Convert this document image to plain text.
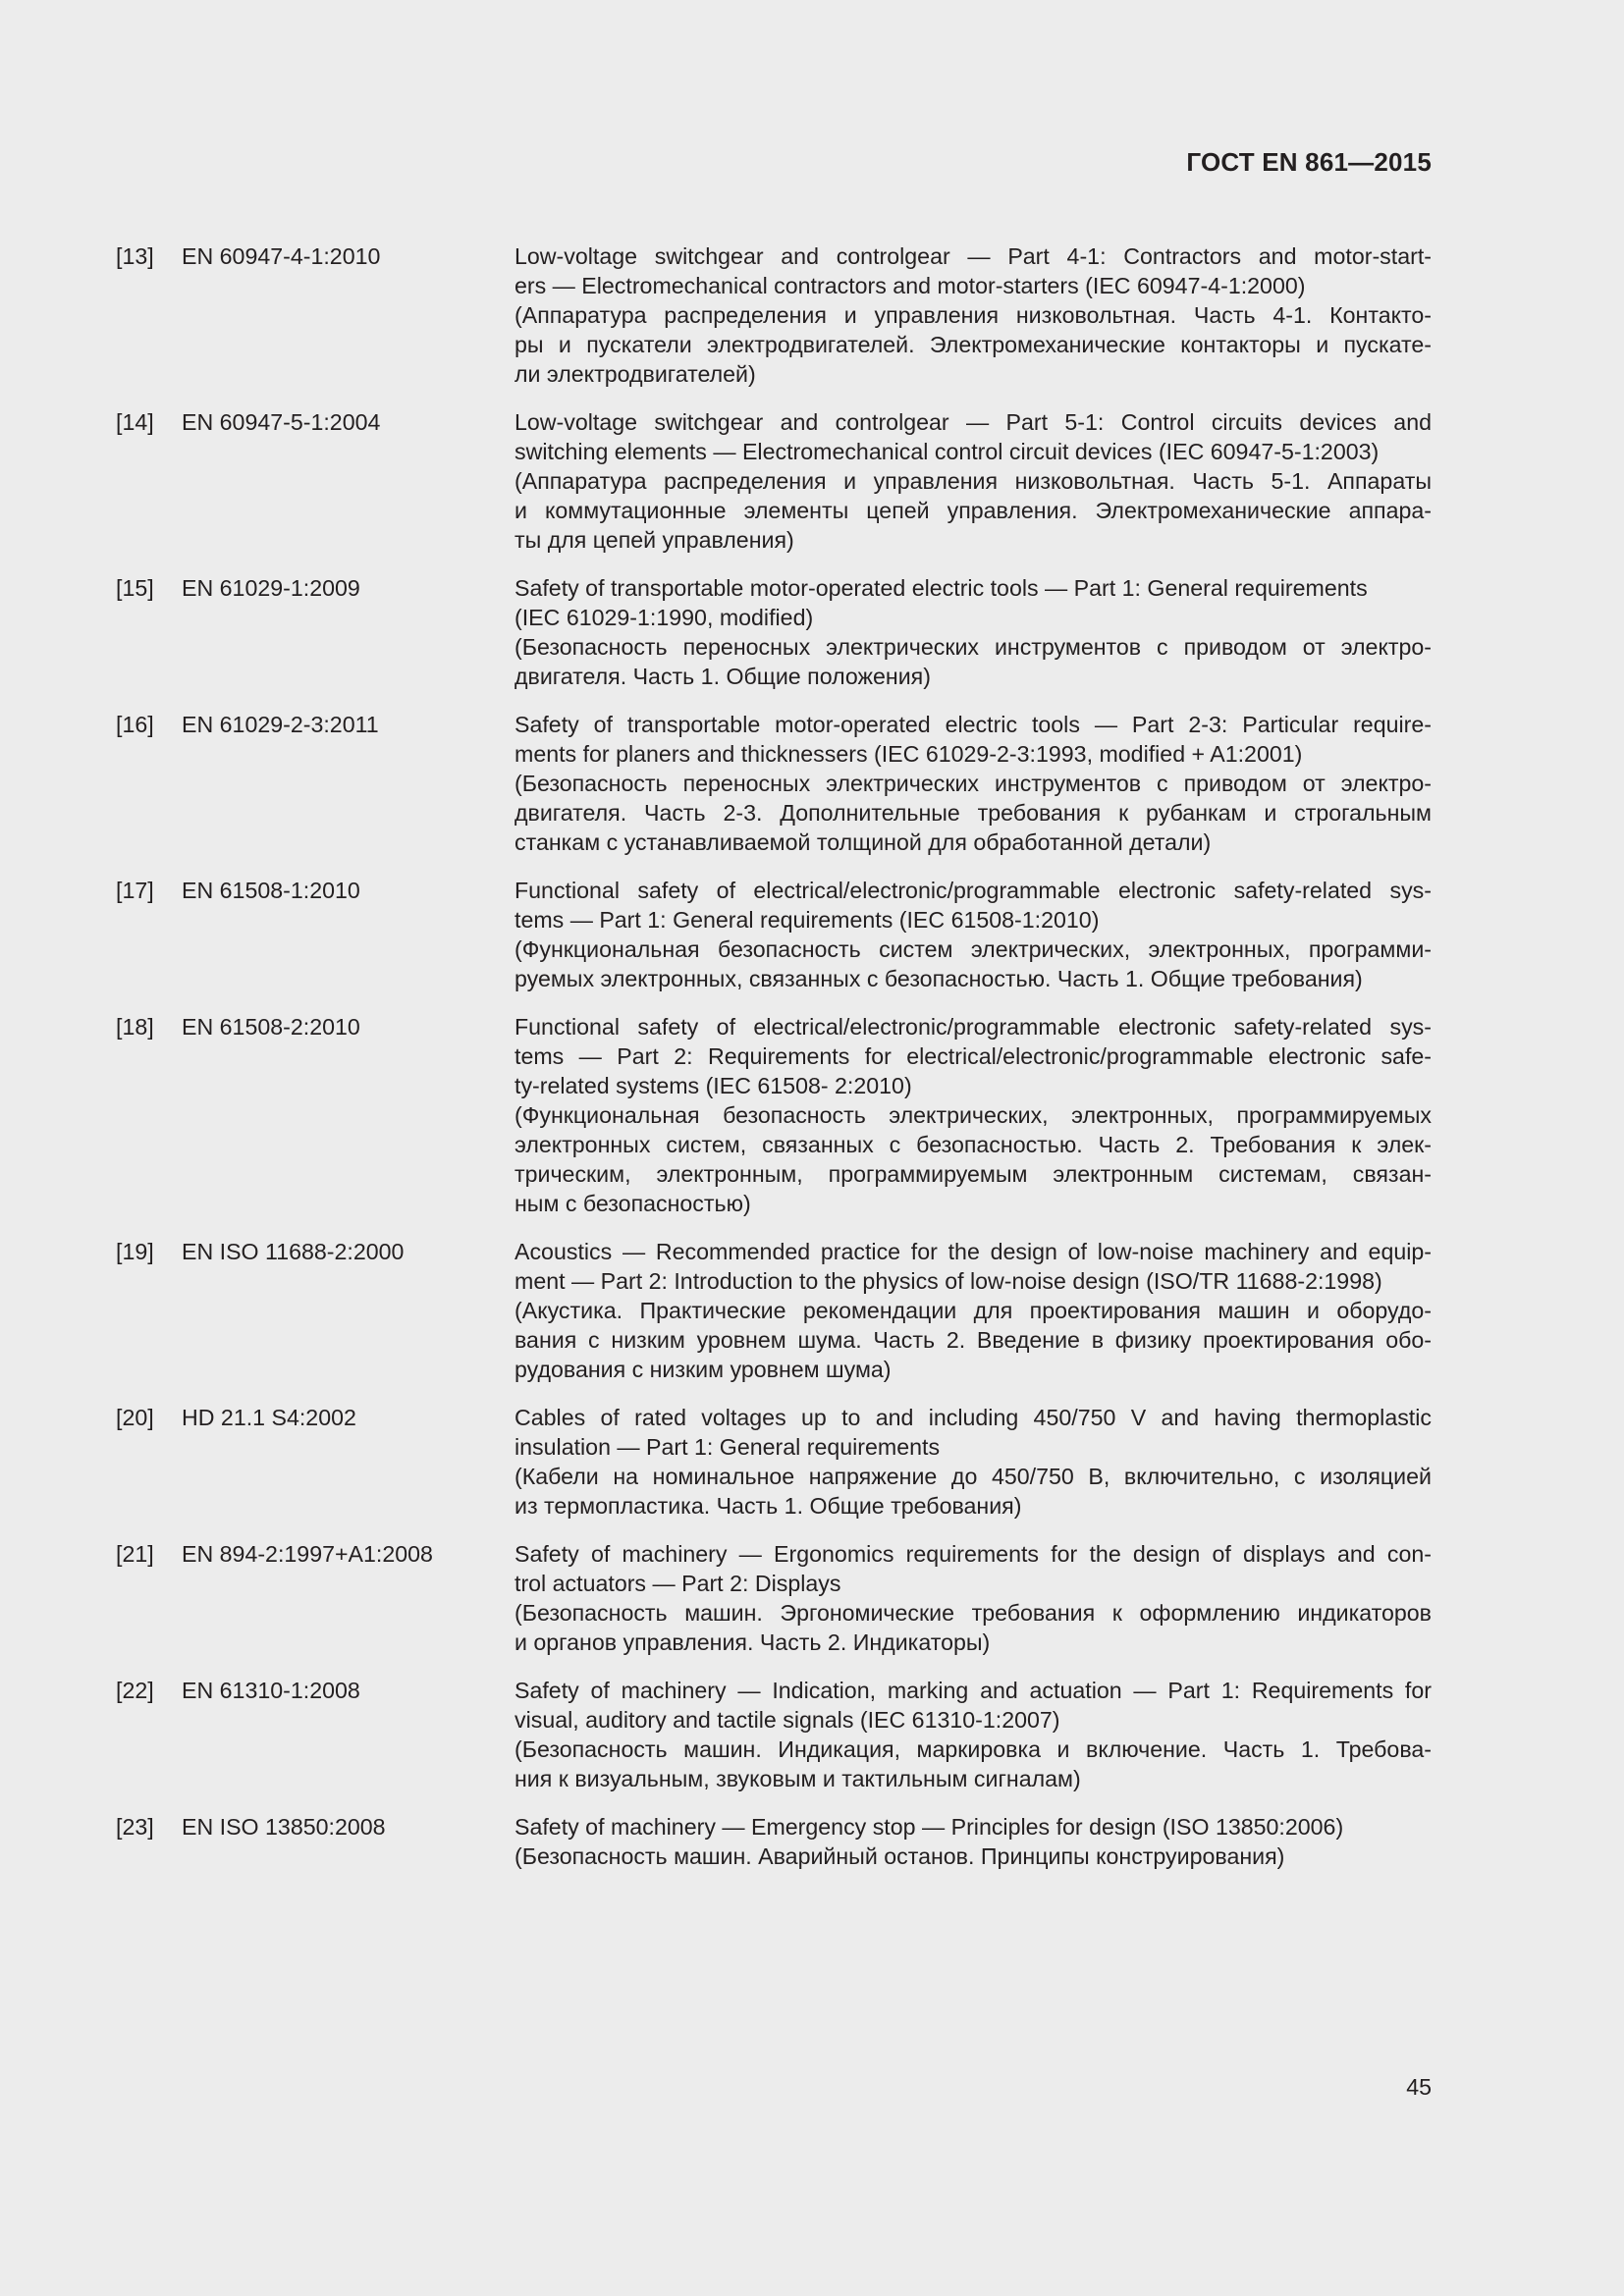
ГОСТ EN 861—2015
[13]	EN 60947-4-1:2010	Low-voltage switchgear and controlgear — Part 4-1: Contractors and motor-start-
ers — Electromechanical contractors and motor-starters (IEC 60947-4-1:2000)
(Аппаратура распределения и управления низковольтная. Часть 4-1. Контакто-
ры и пускатели электродвигателей. Электромеханические контакторы и пускате-
ли электродвигателей)
[14]	EN 60947-5-1:2004	Low-voltage switchgear and controlgear — Part 5-1: Control circuits devices and
switching elements — Electromechanical control circuit devices (IEC 60947-5-1:2003)
(Аппаратура распределения и управления низковольтная. Часть 5-1. Аппараты
и коммутационные элементы цепей управления. Электромеханические аппара-
ты для цепей управления)
[15]	EN 61029-1:2009	Safety of transportable motor-operated electric tools — Part 1: General requirements
(IEC 61029-1:1990, modified)
(Безопасность переносных электрических инструментов с приводом от электро-
двигателя. Часть 1. Общие положения)
[16]	EN 61029-2-3:2011	Safety of transportable motor-operated electric tools — Part 2-3: Particular require-
ments for planers and thicknessers (IEC 61029-2-3:1993, modified + A1:2001)
(Безопасность переносных электрических инструментов с приводом от электро-
двигателя. Часть 2-3. Дополнительные требования к рубанкам и строгальным
станкам с устанавливаемой толщиной для обработанной детали)
[17]	EN 61508-1:2010	Functional safety of electrical/electronic/programmable electronic safety-related sys-
tems — Part 1: General requirements (IEC 61508-1:2010)
(Функциональная безопасность систем электрических, электронных, программи-
руемых электронных, связанных с безопасностью. Часть 1. Общие требования)
[18]	EN 61508-2:2010	Functional safety of electrical/electronic/programmable electronic safety-related sys-
tems — Part 2: Requirements for electrical/electronic/programmable electronic safe-
ty-related systems (IEC 61508- 2:2010)
(Функциональная безопасность электрических, электронных, программируемых
электронных систем, связанных с безопасностью. Часть 2. Требования к элек-
трическим, электронным, программируемым электронным системам, связан-
ным с безопасностью)
[19]	EN ISO 11688-2:2000	Acoustics — Recommended practice for the design of low-noise machinery and equip-
ment — Part 2: Introduction to the physics of low-noise design (ISO/TR 11688-2:1998)
(Акустика. Практические рекомендации для проектирования машин и оборудо-
вания с низким уровнем шума. Часть 2. Введение в физику проектирования обо-
рудования с низким уровнем шума)
[20]	HD 21.1 S4:2002	Cables of rated voltages up to and including 450/750 V and having thermoplastic
insulation — Part 1: General requirements
(Кабели на номинальное напряжение до 450/750 В, включительно, с изоляцией
из термопластика. Часть 1. Общие требования)
[21]	EN 894-2:1997+A1:2008	Safety of machinery — Ergonomics requirements for the design of displays and con-
trol actuators — Part 2: Displays
(Безопасность машин. Эргономические требования к оформлению индикаторов
и органов управления. Часть 2. Индикаторы)
[22]	EN 61310-1:2008	Safety of machinery — Indication, marking and actuation — Part 1: Requirements for
visual, auditory and tactile signals (IEC 61310-1:2007)
(Безопасность машин. Индикация, маркировка и включение. Часть 1. Требова-
ния к визуальным, звуковым и тактильным сигналам)
[23]	EN ISO 13850:2008	Safety of machinery — Emergency stop — Principles for design (ISO 13850:2006)
(Безопасность машин. Аварийный останов. Принципы конструирования)
45
